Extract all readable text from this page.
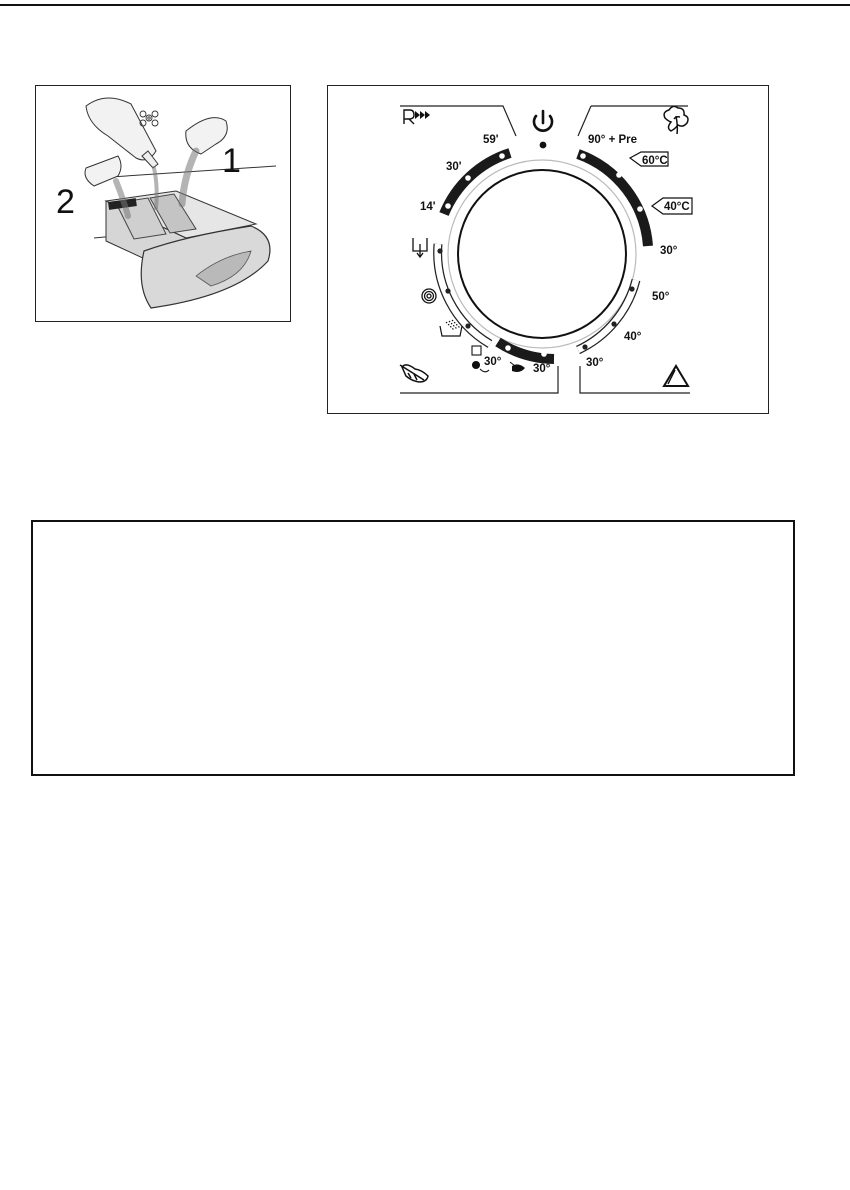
1
2	14'
30'
59'	90° + Pre
60°C
40°C
30°
50°
40°
30°
30°
30°
